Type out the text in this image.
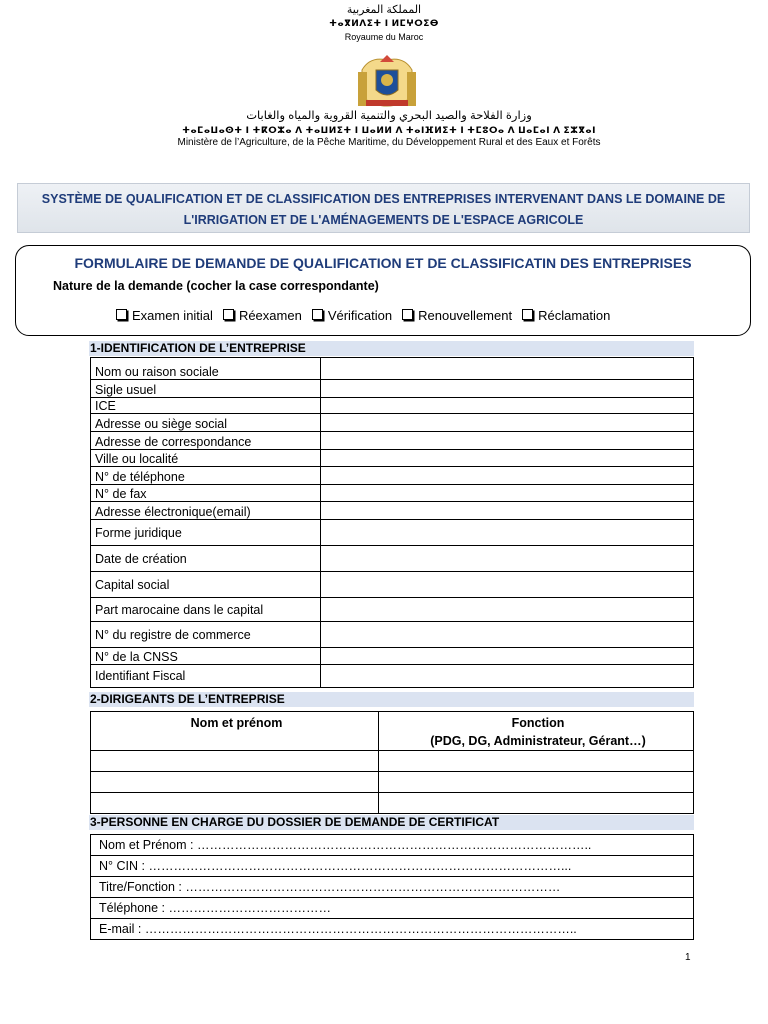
المملكة المغربية
ⵜⴰⴳⵍⴷⵉⵜ ⵏ ⵍⵎⵖⵔⵉⴱ
Royaume du Maroc
وزارة الفلاحة والصيد البحري والتنمية القروية والمياه والغابات
ⵜⴰⵎⴰⵡⴰⵙⵜ ⵏ ⵜⴽⵔⵣⴰ ⴷ ⵜⴰⵡⵍⵉⵜ ⵏ ⵡⴰⵍⵍ ⴷ ⵜⴰⵏⴼⵍⵉⵜ ⵏ ⵜⵎⵓⵔⴰ ⴷ ⵡⴰⵎⴰⵏ ⴷ ⵉⵣⴳⴰⵏ
Ministère de l’Agriculture, de la Pêche Maritime, du Développement Rural et des Eaux et Forêts
SYSTÈME DE QUALIFICATION ET DE CLASSIFICATION DES ENTREPRISES INTERVENANT DANS LE DOMAINE DE
L'IRRIGATION ET DE L'AMÉNAGEMENTS DE L'ESPACE AGRICOLE
FORMULAIRE DE DEMANDE DE QUALIFICATION ET DE CLASSIFICATIN DES ENTREPRISES
Nature de la demande (cocher la case correspondante)
Examen initial	Réexamen	Vérification	Renouvellement	Réclamation
1-IDENTIFICATION DE L’ENTREPRISE
Nom ou raison sociale	
Sigle usuel	
ICE	
Adresse ou siège social	
Adresse de correspondance	
Ville ou localité	
N° de téléphone	
N° de fax	
Adresse électronique(email)	
Forme juridique	
Date de création	
Capital social	
Part marocaine dans le capital	
N° du registre de commerce	
N° de la CNSS	
Identifiant Fiscal	
2-DIRIGEANTS DE L’ENTREPRISE
Nom et prénom	Fonction
(PDG, DG, Administrateur, Gérant…)

3-PERSONNE EN CHARGE DU DOSSIER DE DEMANDE DE CERTIFICAT
Nom et Prénom : …………………………………………………………………………………..
N° CIN : ………………………………………………………………………………………...
Titre/Fonction : ………………………………………………………………………………
Téléphone : …………………………………
E-mail : …………………………………………………………………………………………..
1
